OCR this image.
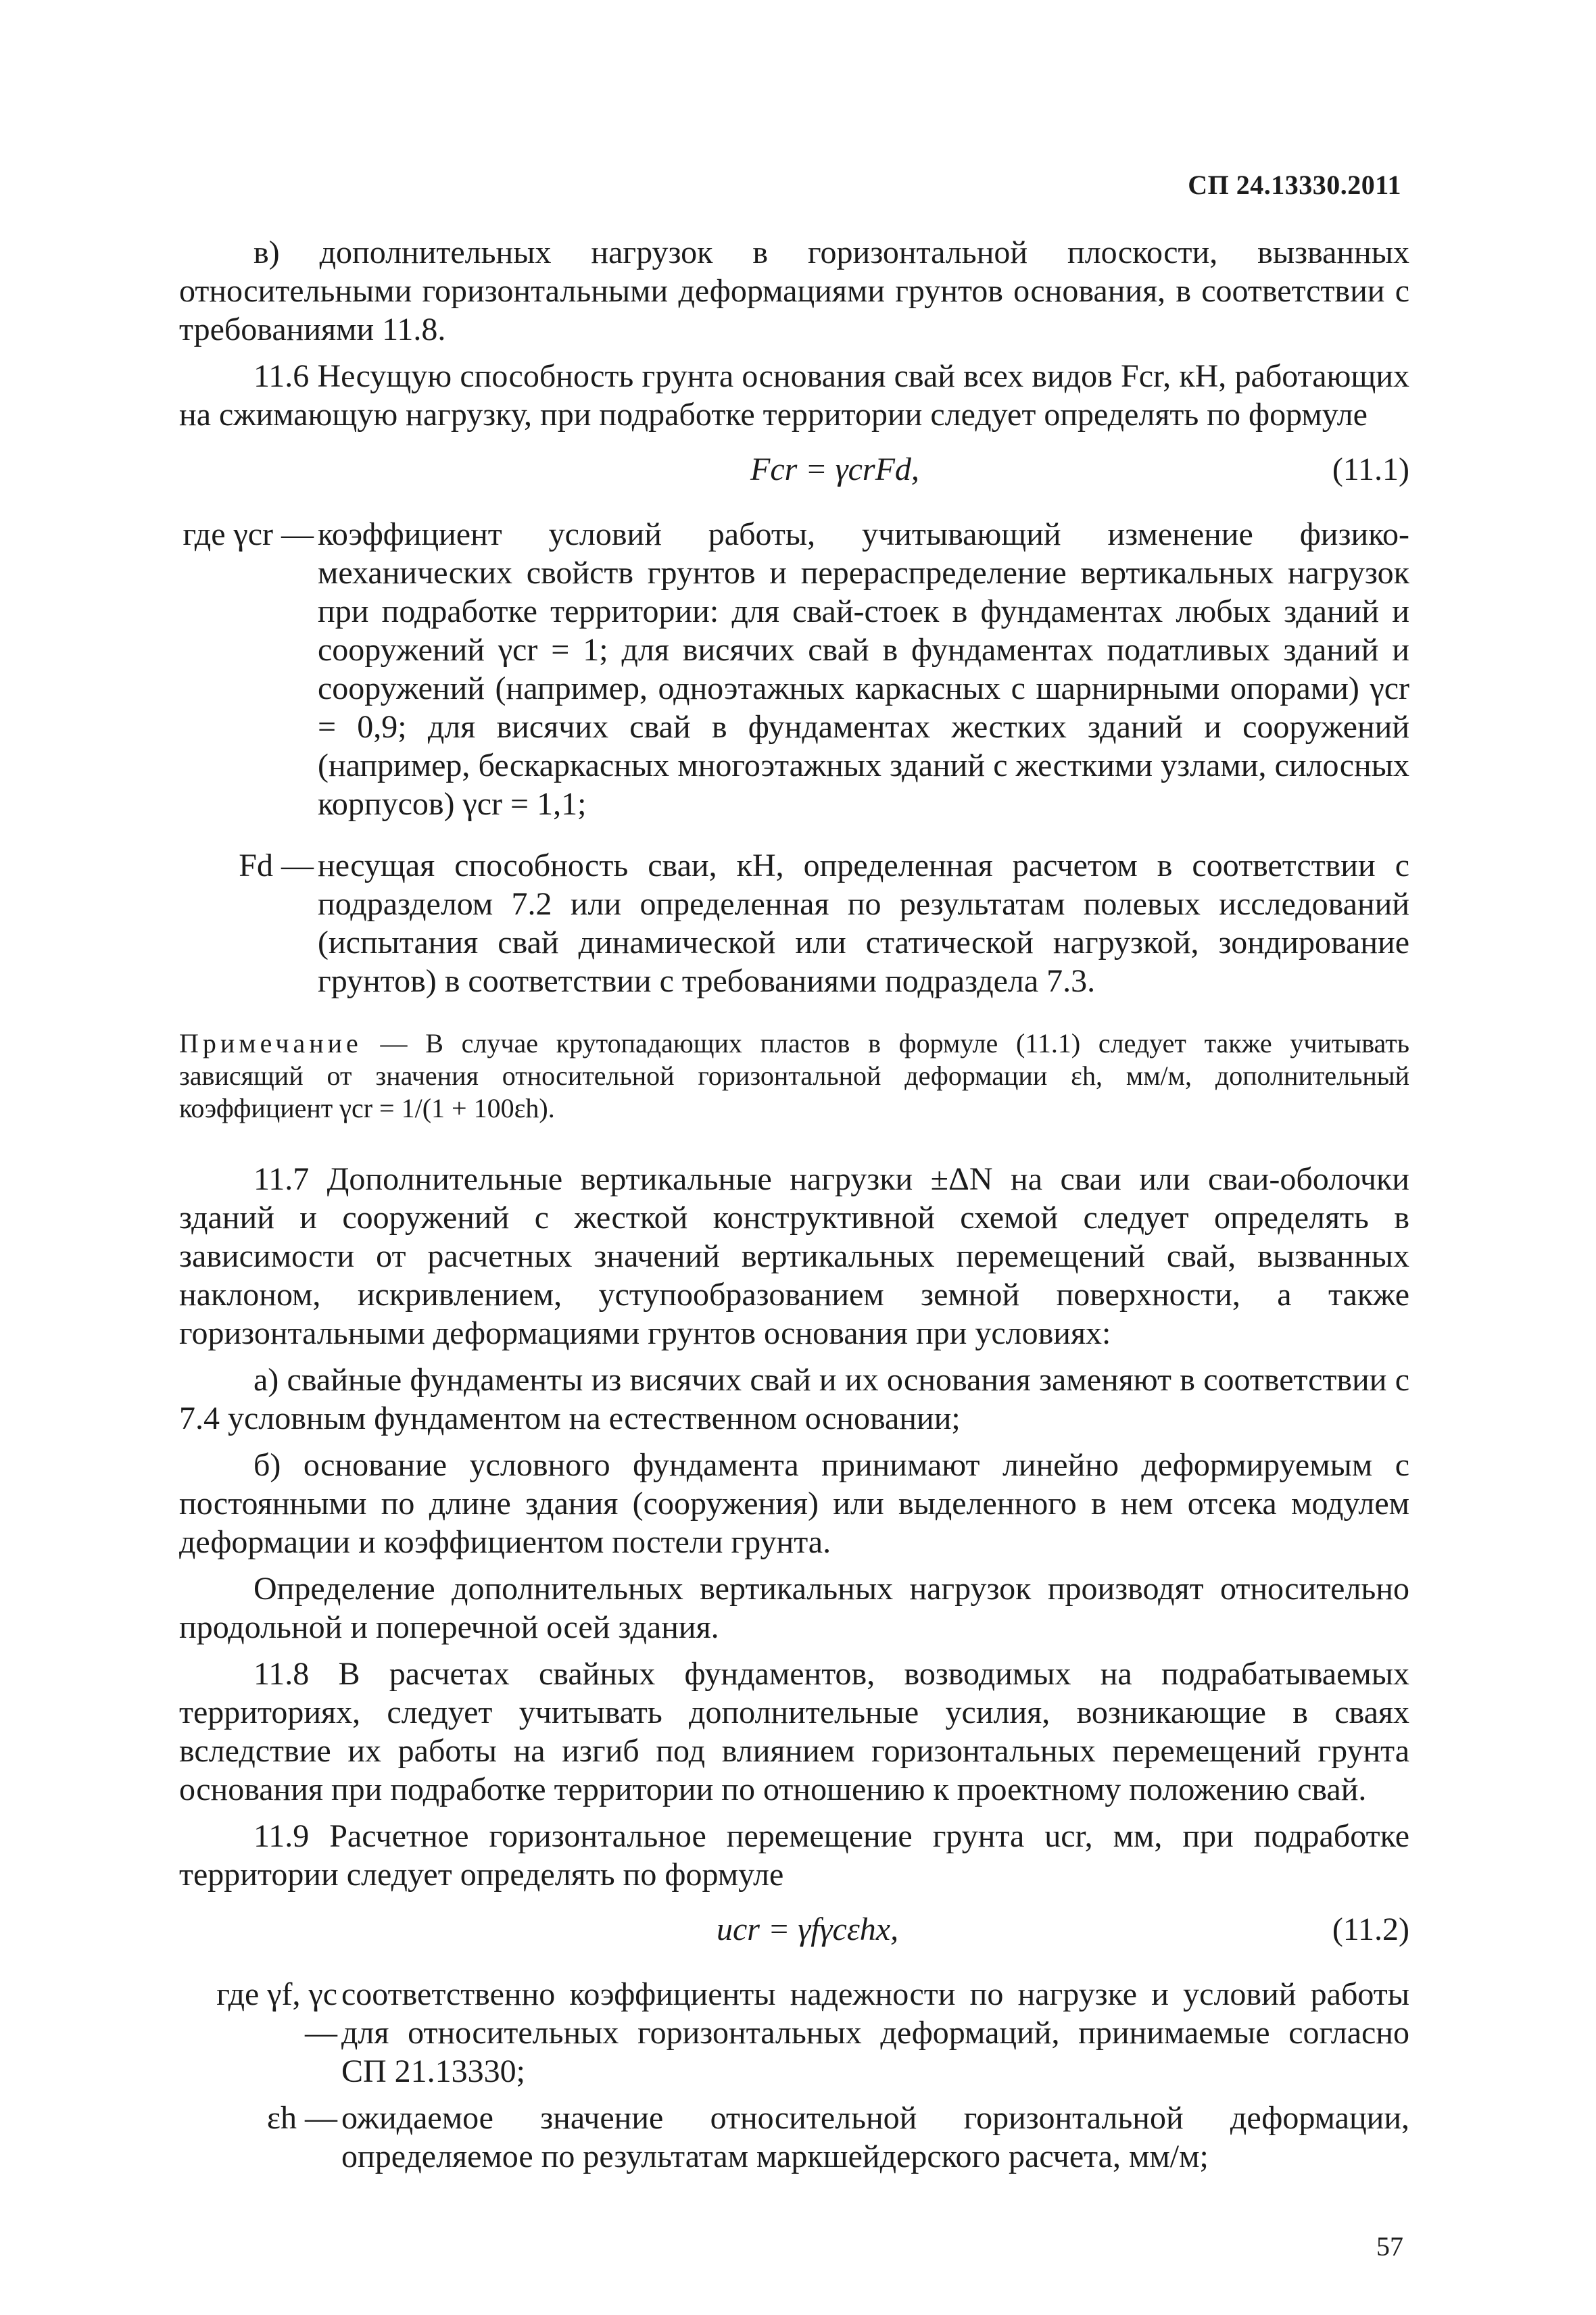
СП 24.13330.2011

в) дополнительных нагрузок в горизонтальной плоскости, вызванных относительными горизонтальными деформациями грунтов основания, в соответствии с требованиями 11.8.

11.6 Несущую способность грунта основания свай всех видов Fcr, кН, работающих на сжимающую нагрузку, при подработке территории следует определять по формуле

Fcr = γcrFd,	(11.1)
где γcr — коэффициент условий работы, учитывающий изменение физико-механических свойств грунтов и перераспределение вертикальных нагрузок при подработке территории: для свай-стоек в фундаментах любых зданий и сооружений γcr = 1; для висячих свай в фундаментах податливых зданий и сооружений (например, одноэтажных каркасных с шарнирными опорами) γcr = 0,9; для висячих свай в фундаментах жестких зданий и сооружений (например, бескаркасных многоэтажных зданий с жесткими узлами, силосных корпусов) γcr = 1,1;
Fd — несущая способность сваи, кН, определенная расчетом в соответствии с подразделом 7.2 или определенная по результатам полевых исследований (испытания свай динамической или статической нагрузкой, зондирование грунтов) в соответствии с требованиями подраздела 7.3.
Примечание — В случае крутопадающих пластов в формуле (11.1) следует также учитывать зависящий от значения относительной горизонтальной деформации εh, мм/м, дополнительный коэффициент γcr = 1/(1 + 100εh).

11.7 Дополнительные вертикальные нагрузки ±ΔN на сваи или сваи-оболочки зданий и сооружений с жесткой конструктивной схемой следует определять в зависимости от расчетных значений вертикальных перемещений свай, вызванных наклоном, искривлением, уступообразованием земной поверхности, а также горизонтальными деформациями грунтов основания при условиях:

а) свайные фундаменты из висячих свай и их основания заменяют в соответствии с 7.4 условным фундаментом на естественном основании;

б) основание условного фундамента принимают линейно деформируемым с постоянными по длине здания (сооружения) или выделенного в нем отсека модулем деформации и коэффициентом постели грунта.

Определение дополнительных вертикальных нагрузок производят относительно продольной и поперечной осей здания.

11.8 В расчетах свайных фундаментов, возводимых на подрабатываемых территориях, следует учитывать дополнительные усилия, возникающие в сваях вследствие их работы на изгиб под влиянием горизонтальных перемещений грунта основания при подработке территории по отношению к проектному положению свай.

11.9 Расчетное горизонтальное перемещение грунта ucr, мм, при подработке территории следует определять по формуле

ucr = γfγcεhx,	(11.2)
где γf, γc —
соответственно коэффициенты надежности по нагрузке и условий работы для относительных горизонтальных деформаций, принимаемые согласно СП 21.13330;
εh — ожидаемое значение относительной горизонтальной деформации, определяемое по результатам маркшейдерского расчета, мм/м;
57
